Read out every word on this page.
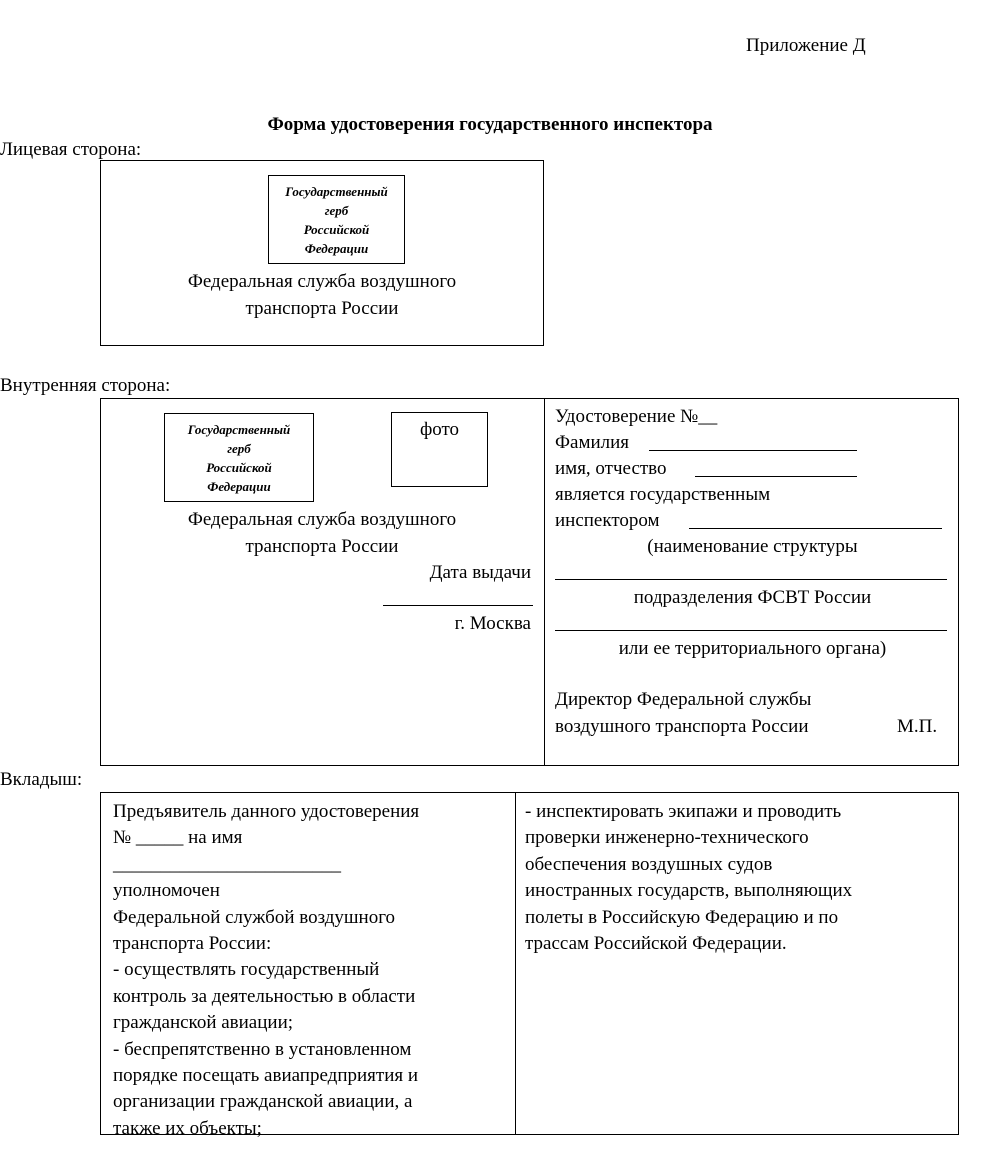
Приложение Д
Форма удостоверения государственного инспектора
Лицевая сторона:
Государственный
герб
Российской
Федерации
Федеральная служба воздушного
транспорта России
Внутренняя сторона:
Государственный
герб
Российской
Федерации
фото
Федеральная служба воздушного
транспорта России
Дата выдачи
г. Москва
Удостоверение №__
Фамилия
имя, отчество
является государственным
инспектором
(наименование структуры
подразделения ФСВТ России
или ее территориального органа)
Директор Федеральной службы
воздушного транспорта России	М.П.
Вкладыш:
Предъявитель данного удостоверения
№ _____ на имя
________________________
уполномочен
Федеральной службой воздушного
транспорта России:
- осуществлять государственный
контроль за деятельностью в области
гражданской авиации;
- беспрепятственно в установленном
порядке посещать авиапредприятия и
организации гражданской авиации, а
также их объекты;
- инспектировать экипажи и проводить
проверки инженерно-технического
обеспечения воздушных судов
иностранных государств, выполняющих
полеты в Российскую Федерацию и по
трассам Российской Федерации.
